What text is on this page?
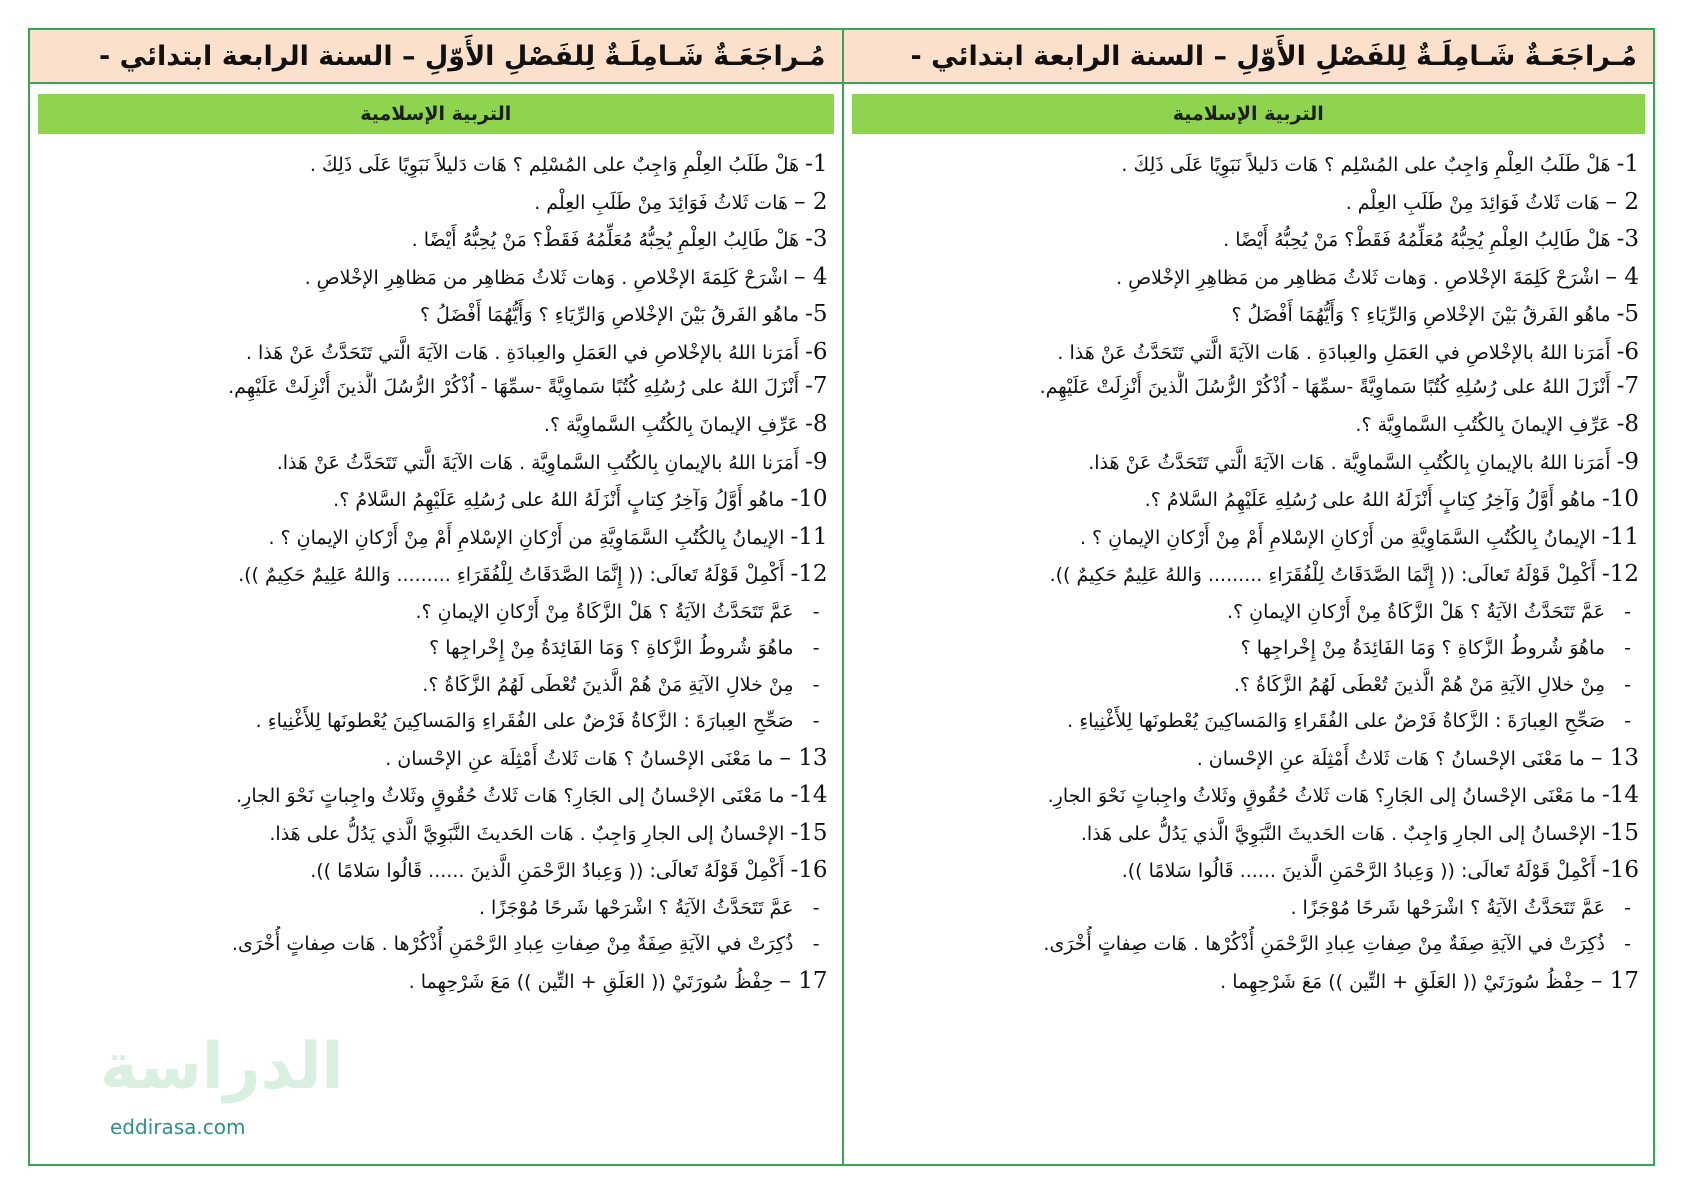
مُـراجَعَـةٌ شَـامِلَـةٌ لِلفَصْلِ الأَوّلِ – السنة الرابعة ابتدائي -
التربية الإسلامية
1- هَلْ طَلَبُ العِلْمِ وَاجِبٌ على المُسْلِم ؟ هَات دَليلاً نَبَوِيًا عَلَى ذَلِكَ .
2 – هَات ثَلاثُ فَوَائِدَ مِنْ طَلَبِ العِلْم .
3- هَلْ طَالِبُ العِلْمِ يُحِبُّهُ مُعَلِّمُهُ فَقَطْ؟ مَنْ يُحِبُّهُ أَيْضًا .
4 – اشْرَحْ كَلِمَةَ الإخْلاصِ . وَهات ثَلاثُ مَظاهِر من مَظاهِرِ الإخْلاصِ .
5- ماهُو الفَرقُ بَيْنَ الإخْلاصِ وَالرِّيَاءِ ؟ وَأَيُّهُمَا أَفْضَلُ ؟
6- أَمَرَنا اللهُ بالإخْلاصِ في العَمَلِ والعِبادَةِ . هَات الآيَةَ الَّتي تَتَحَدَّثُ عَنْ هَذا .
7- أَنْزَلَ اللهُ على رُسُلِهِ كُتُبًا سَماوِيَّةً -سمِّهَا - اُذْكُرْ الرُّسُلَ الَّذينَ أُنْزِلَتْ عَلَيْهِم.
8- عَرِّفِ الإيمانَ بِالكُتُبِ السَّماوِيَّة ؟.
9- أَمَرَنا اللهُ بالإيمانِ بِالكُتُبِ السَّماوِيَّة . هَات الآيَةَ الَّتي تَتَحَدَّثُ عَنْ هَذا.
10- ماهُو أَوَّلُ وَآخِرُ كِتابٍ أَنْزَلَهُ اللهُ على رُسُلِهِ عَلَيْهِمُ السَّلامُ ؟.
11- الإيمانُ بِالكُتُبِ السَّمَاوِيَّةِ من أَرْكانِ الإسْلامِ أَمْ مِنْ أَرْكانِ الإيمانِ ؟ .
12- أَكْمِلْ قَوْلَهُ تَعالَى: (( إِنَّمَا الصَّدَقَاتُ لِلْفُقَرَاءِ ......... وَاللهُ عَلِيمٌ حَكِيمٌ )).
- عَمَّ تَتَحَدَّثُ الآيَةُ ؟ هَلْ الزَّكَاةُ مِنْ أَرْكانِ الإيمانِ ؟.
- ماهُوَ شُروطُ الزَّكاةِ ؟ وَمَا الفَائِدَةُ مِنْ إِخْراجِها ؟
- مِنْ خلالِ الآيَةِ مَنْ هُمْ الَّذينَ تُعْطَى لَهُمُ الزَّكَاةُ ؟.
- صَحِّحِ العِبارَةَ : الزَّكاةُ فَرْضٌ على الفُقَراءِ وَالمَساكِينَ يُعْطونَها لِلأَغْنِياءِ .
13 – ما مَعْنَى الإحْسانُ ؟ هَات ثَلاثُ أَمْثِلَة عنِ الإحْسان .
14- ما مَعْنَى الإحْسانُ إلى الجَارِ؟ هَات ثَلاثُ حُقُوقٍ وثَلاثُ واجِباتٍ نَحْوَ الجارِ.
15- الإحْسانُ إلى الجارِ وَاجِبٌ . هَات الحَديثَ النَّبَوِيَّ الَّذي يَدُلُّ على هَذا.
16- أَكْمِلْ قَوْلَهُ تَعالَى: (( وَعِبادُ الرَّحْمَنِ الَّذينَ ...... قَالُوا سَلامًا )).
- عَمَّ تَتَحَدَّثُ الآيَةُ ؟ اشْرَحْها شَرحًا مُوْجَزًا .
- ذُكِرَتْ في الآيَةِ صِفَةٌ مِنْ صِفاتِ عِبادِ الرَّحْمَنِ أُذْكُرْها . هَات صِفاتٍ أُخْرَى.
17 – حِفْظُ سُورَتَيْ (( العَلَقِ + التِّين )) مَعَ شَرْحِهِما .
الدراسة
eddirasa.com
مُـراجَعَـةٌ شَـامِلَـةٌ لِلفَصْلِ الأَوّلِ – السنة الرابعة ابتدائي -
التربية الإسلامية
1- هَلْ طَلَبُ العِلْمِ وَاجِبٌ على المُسْلِم ؟ هَات دَليلاً نَبَوِيًا عَلَى ذَلِكَ .
2 – هَات ثَلاثُ فَوَائِدَ مِنْ طَلَبِ العِلْم .
3- هَلْ طَالِبُ العِلْمِ يُحِبُّهُ مُعَلِّمُهُ فَقَطْ؟ مَنْ يُحِبُّهُ أَيْضًا .
4 – اشْرَحْ كَلِمَةَ الإخْلاصِ . وَهات ثَلاثُ مَظاهِر من مَظاهِرِ الإخْلاصِ .
5- ماهُو الفَرقُ بَيْنَ الإخْلاصِ وَالرِّيَاءِ ؟ وَأَيُّهُمَا أَفْضَلُ ؟
6- أَمَرَنا اللهُ بالإخْلاصِ في العَمَلِ والعِبادَةِ . هَات الآيَةَ الَّتي تَتَحَدَّثُ عَنْ هَذا .
7- أَنْزَلَ اللهُ على رُسُلِهِ كُتُبًا سَماوِيَّةً -سمِّهَا - اُذْكُرْ الرُّسُلَ الَّذينَ أُنْزِلَتْ عَلَيْهِم.
8- عَرِّفِ الإيمانَ بِالكُتُبِ السَّماوِيَّة ؟.
9- أَمَرَنا اللهُ بالإيمانِ بِالكُتُبِ السَّماوِيَّة . هَات الآيَةَ الَّتي تَتَحَدَّثُ عَنْ هَذا.
10- ماهُو أَوَّلُ وَآخِرُ كِتابٍ أَنْزَلَهُ اللهُ على رُسُلِهِ عَلَيْهِمُ السَّلامُ ؟.
11- الإيمانُ بِالكُتُبِ السَّمَاوِيَّةِ من أَرْكانِ الإسْلامِ أَمْ مِنْ أَرْكانِ الإيمانِ ؟ .
12- أَكْمِلْ قَوْلَهُ تَعالَى: (( إِنَّمَا الصَّدَقَاتُ لِلْفُقَرَاءِ ......... وَاللهُ عَلِيمٌ حَكِيمٌ )).
- عَمَّ تَتَحَدَّثُ الآيَةُ ؟ هَلْ الزَّكَاةُ مِنْ أَرْكانِ الإيمانِ ؟.
- ماهُوَ شُروطُ الزَّكاةِ ؟ وَمَا الفَائِدَةُ مِنْ إِخْراجِها ؟
- مِنْ خلالِ الآيَةِ مَنْ هُمْ الَّذينَ تُعْطَى لَهُمُ الزَّكَاةُ ؟.
- صَحِّحِ العِبارَةَ : الزَّكاةُ فَرْضٌ على الفُقَراءِ وَالمَساكِينَ يُعْطونَها لِلأَغْنِياءِ .
13 – ما مَعْنَى الإحْسانُ ؟ هَات ثَلاثُ أَمْثِلَة عنِ الإحْسان .
14- ما مَعْنَى الإحْسانُ إلى الجَارِ؟ هَات ثَلاثُ حُقُوقٍ وثَلاثُ واجِباتٍ نَحْوَ الجارِ.
15- الإحْسانُ إلى الجارِ وَاجِبٌ . هَات الحَديثَ النَّبَوِيَّ الَّذي يَدُلُّ على هَذا.
16- أَكْمِلْ قَوْلَهُ تَعالَى: (( وَعِبادُ الرَّحْمَنِ الَّذينَ ...... قَالُوا سَلامًا )).
- عَمَّ تَتَحَدَّثُ الآيَةُ ؟ اشْرَحْها شَرحًا مُوْجَزًا .
- ذُكِرَتْ في الآيَةِ صِفَةٌ مِنْ صِفاتِ عِبادِ الرَّحْمَنِ أُذْكُرْها . هَات صِفاتٍ أُخْرَى.
17 – حِفْظُ سُورَتَيْ (( العَلَقِ + التِّين )) مَعَ شَرْحِهِما .
